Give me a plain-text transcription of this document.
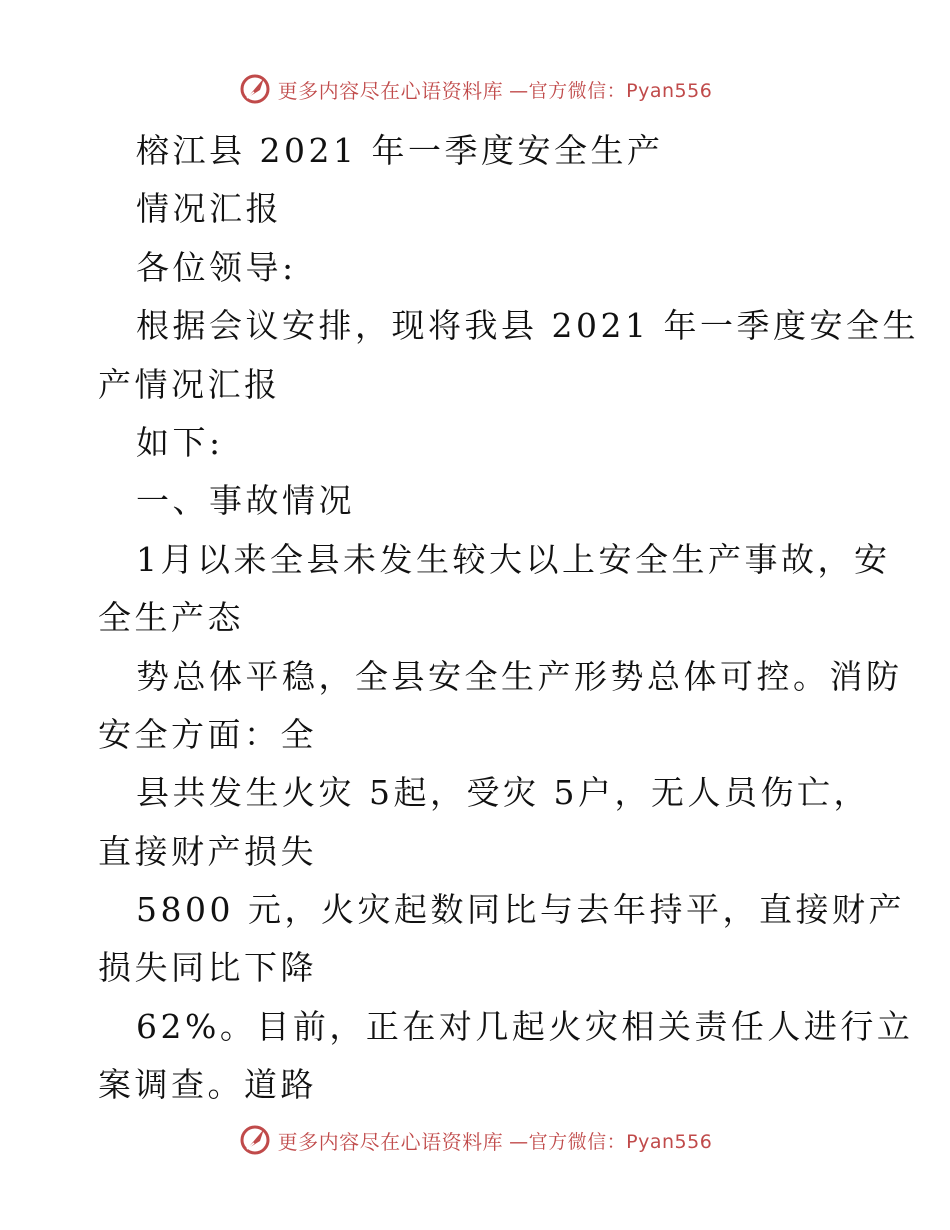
更多内容尽在心语资料库 —官方微信：Pyan556
榕江县 2021 年一季度安全生产
情况汇报
各位领导:
根据会议安排，现将我县 2021 年一季度安全生
产情况汇报
如下:
一、事故情况
1月以来全县未发生较大以上安全生产事故，安
全生产态
势总体平稳，全县安全生产形势总体可控。消防
安全方面：全
县共发生火灾 5起，受灾 5户，无人员伤亡，
直接财产损失
5800 元，火灾起数同比与去年持平，直接财产
损失同比下降
62%。目前，正在对几起火灾相关责任人进行立
案调查。道路
更多内容尽在心语资料库 —官方微信：Pyan556
